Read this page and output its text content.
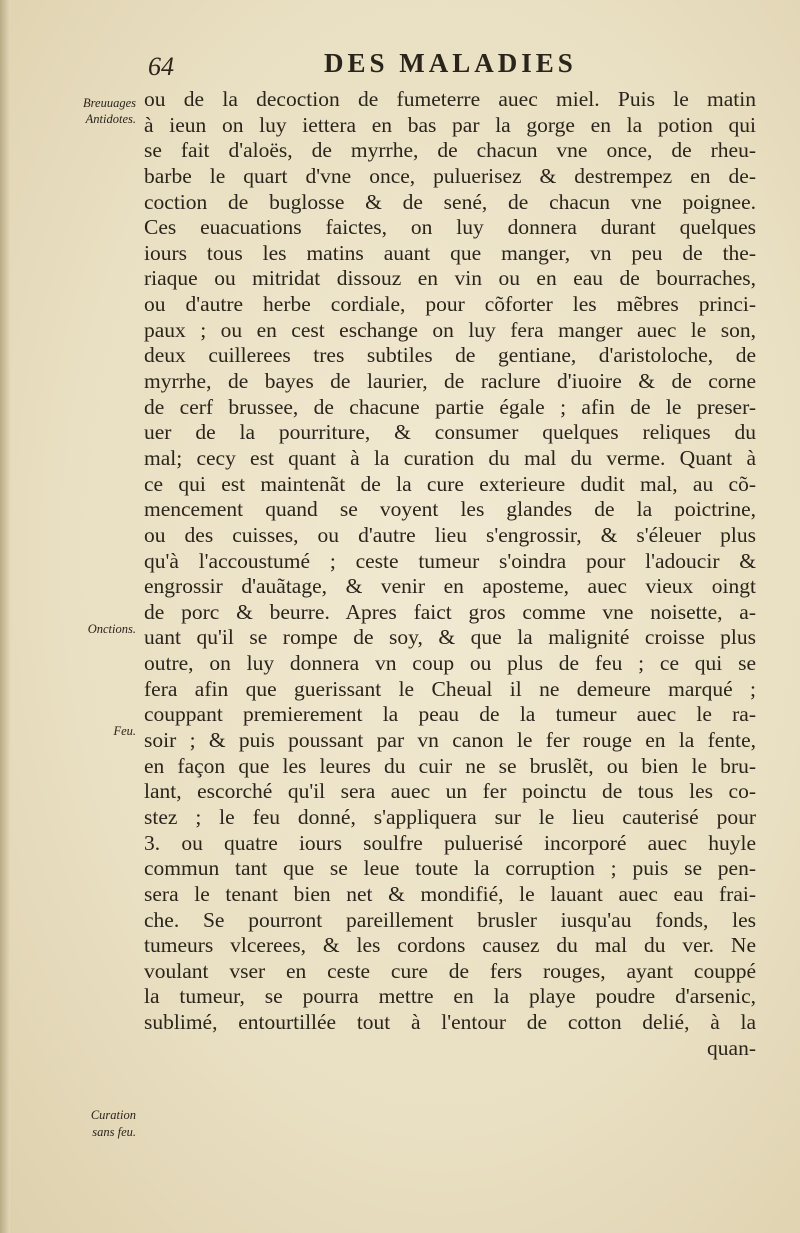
64	DES MALADIES
Breuuages
Antidotes.
Onctions.
Feu.
Curation
sans feu.
ou de la decoction de fumeterre auec miel. Puis le matin
à ieun on luy iettera en bas par la gorge en la potion qui
se fait d'aloës, de myrrhe, de chacun vne once, de rheu-
barbe le quart d'vne once, puluerisez & destrempez en de-
coction de buglosse & de sené, de chacun vne poignee.
Ces euacuations faictes, on luy donnera durant quelques
iours tous les matins auant que manger, vn peu de the-
riaque ou mitridat dissouz en vin ou en eau de bourraches,
ou d'autre herbe cordiale, pour cõforter les mẽbres princi-
paux ; ou en cest eschange on luy fera manger auec le son,
deux cuillerees tres subtiles de gentiane, d'aristoloche, de
myrrhe, de bayes de laurier, de raclure d'iuoire & de corne
de cerf brussee, de chacune partie égale ; afin de le preser-
uer de la pourriture, & consumer quelques reliques du
mal; cecy est quant à la curation du mal du verme. Quant à
ce qui est maintenãt de la cure exterieure dudit mal, au cõ-
mencement quand se voyent les glandes de la poictrine,
ou des cuisses, ou d'autre lieu s'engrossir, & s'éleuer plus
qu'à l'accoustumé ; ceste tumeur s'oindra pour l'adoucir &
engrossir d'auãtage, & venir en aposteme, auec vieux oingt
de porc & beurre. Apres faict gros comme vne noisette, a-
uant qu'il se rompe de soy, & que la malignité croisse plus
outre, on luy donnera vn coup ou plus de feu ; ce qui se
fera afin que guerissant le Cheual il ne demeure marqué ;
couppant premierement la peau de la tumeur auec le ra-
soir ; & puis poussant par vn canon le fer rouge en la fente,
en façon que les leures du cuir ne se bruslẽt, ou bien le bru-
lant, escorché qu'il sera auec un fer poinctu de tous les co-
stez ; le feu donné, s'appliquera sur le lieu cauterisé pour
3. ou quatre iours soulfre puluerisé incorporé auec huyle
commun tant que se leue toute la corruption ; puis se pen-
sera le tenant bien net & mondifié, le lauant auec eau frai-
che. Se pourront pareillement brusler iusqu'au fonds, les
tumeurs vlcerees, & les cordons causez du mal du ver. Ne
voulant vser en ceste cure de fers rouges, ayant couppé
la tumeur, se pourra mettre en la playe poudre d'arsenic,
sublimé, entourtillée tout à l'entour de cotton delié, à la
quan-
